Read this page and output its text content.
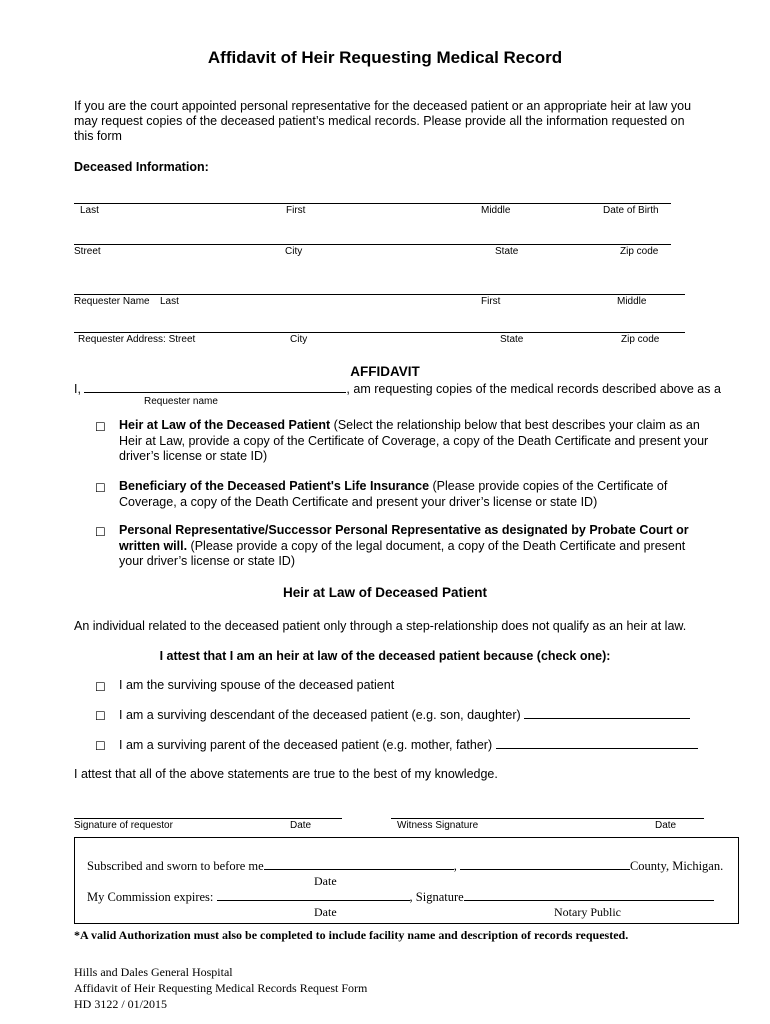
Affidavit of Heir Requesting Medical Record
If you are the court appointed personal representative for the deceased patient or an appropriate heir at law you may request copies of the deceased patient’s medical records. Please provide all the information requested on this form
Deceased Information:
Last	First	Middle	Date of Birth
Street	City	State	Zip code
Requester Name Last	First	Middle
Requester Address: Street	City	State	Zip code
AFFIDAVIT
I,	, am requesting copies of the medical records described above as a
Requester name
☐ Heir at Law of the Deceased Patient (Select the relationship below that best describes your claim as an Heir at Law, provide a copy of the Certificate of Coverage, a copy of the Death Certificate and present your driver’s license or state ID)
☐ Beneficiary of the Deceased Patient's Life Insurance (Please provide copies of the Certificate of Coverage, a copy of the Death Certificate and present your driver’s license or state ID)
☐ Personal Representative/Successor Personal Representative as designated by Probate Court or written will. (Please provide a copy of the legal document, a copy of the Death Certificate and present your driver’s license or state ID)
Heir at Law of Deceased Patient
An individual related to the deceased patient only through a step-relationship does not qualify as an heir at law.
I attest that I am an heir at law of the deceased patient because (check one):
☐ I am the surviving spouse of the deceased patient
☐ I am a surviving descendant of the deceased patient (e.g. son, daughter)
☐ I am a surviving parent of the deceased patient (e.g. mother, father)
I attest that all of the above statements are true to the best of my knowledge.
Signature of requestor	Date	Witness Signature	Date
Subscribed and sworn to before me	,	County, Michigan.
Date
My Commission expires:	, Signature
Date	Notary Public
*A valid Authorization must also be completed to include facility name and description of records requested.
Hills and Dales General Hospital
Affidavit of Heir Requesting Medical Records Request Form
HD 3122 / 01/2015
